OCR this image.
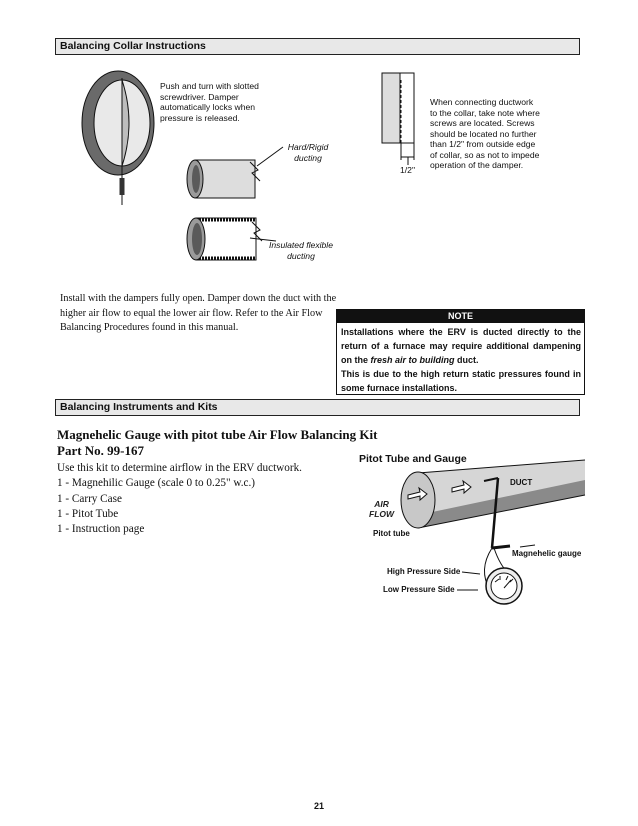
Balancing Collar Instructions
Push and turn with slotted
screwdriver. Damper
automatically locks when
pressure is released.
Hard/Rigid
ducting
Insulated flexible
ducting
1/2"
When connecting ductwork
to the collar, take note where
screws are located. Screws
should be located no further
than 1/2" from outside edge
of collar, so as not to impede
operation of the damper.
Install with the dampers fully open. Damper down the duct with the
higher air flow to equal the lower air flow. Refer to the Air Flow
Balancing Procedures found in this manual.
NOTE
Installations where the ERV is ducted directly to the return of a furnace may require additional dampening on the fresh air to building duct.
This is due to the high return static pressures found in some furnace installations.
Balancing Instruments and Kits
Magnehelic Gauge with pitot tube Air Flow Balancing Kit
Part No. 99-167
Use this kit to determine airflow in the ERV ductwork.
1 - Magnehilic Gauge (scale 0 to 0.25" w.c.)
1 - Carry Case
1 - Pitot Tube
1 - Instruction page
Pitot Tube and Gauge
DUCT
AIR
FLOW
Pitot tube
Magnehelic gauge
High Pressure Side
Low Pressure Side
21
